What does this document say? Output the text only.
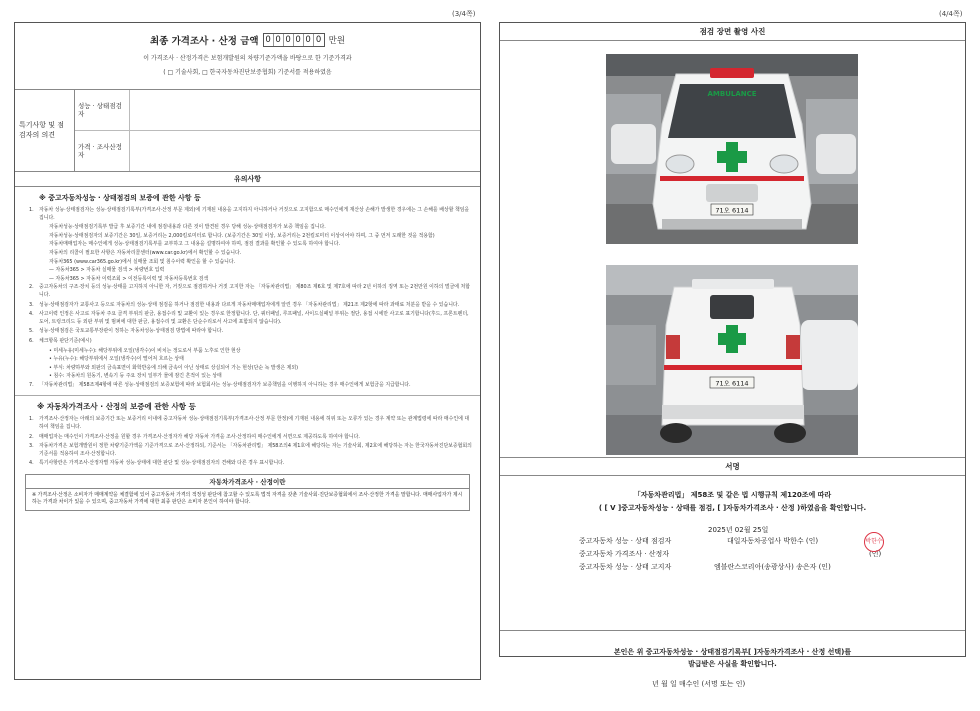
(3/4쪽)	(4/4쪽)
최종 가격조사 · 산정 금액 0 0 0 0 0 0 만원
이 가격조사 · 산정가격은 보험개발원의 차량기준가액을 바탕으로 한 기준가격과
( □ 기술사회, □ 한국자동차진단보증협회) 기준서를 적용하였음
특기사항 및 점검자의 의견
성능 · 상태점검자
가격 · 조사산정자
유의사항
※ 중고자동차성능 · 상태점검의 보증에 관한 사항 등
1.	자동차 성능·상태점검자는 성능·상태점검기록부(가격조사·산정 부문 제외)에 기재된 내용을 고지하지 아니하거나 거짓으로 고지함으로 매수인에게 재산상 손해가 발생한 경우에는 그 손해를 배상할 책임을 집니다.
자동차성능·상태점검기록부 발급 후 보증기간 내에 점검내용과 다른 것이 발견된 경우 당해 성능·상태점검자가 보증 책임을 집니다.
자동차성능·상태점검자의 보증기간은 30일, 보증거리는 2,000킬로미터로 합니다. (보증기간은 30일 이상, 보증거리는 2천킬로미터 이상이어야 하며, 그 중 먼저 도래한 것을 적용함)
자동차매매업자는 매수인에게 성능·상태점검기록부를 교부하고 그 내용을 설명하여야 하며, 점검 결과를 확인할 수 있도록 하여야 합니다.
자동차의 리콜이 필요한 사항은 자동차리콜센터(www.car.go.kr)에서 확인할 수 있습니다.
자동차365 (www.car365.go.kr)에서 실매물 조회 및 침수이력 확인을 할 수 있습니다.
— 자동차365 > 자동차 실매물 검색 > 차량번호 입력
— 자동차365 > 자동차 이력조회 > 이전등록이력 및 자동차등록번호 검색
2.	중고자동차의 구조·장치 등의 성능·상태를 고지하지 아니한 자, 거짓으로 점검하거나 거짓 고지한 자는 「자동차관리법」 제80조 제6호 및 제7호에 따라 2년 이하의 징역 또는 2천만원 이하의 벌금에 처합니다.
3.	성능·상태점검자가 교통사고 등으로 자동차의 성능·상태 점검을 하거나 점검한 내용과 다르게 자동차매매업자에게 알린 경우 「자동차관리법」 제21조 제2항에 따라 과태료 처분을 받을 수 있습니다.
4.	사고이력 인정은 사고로 자동차 주요 골격 부위의 판금, 용접수리 및 교환이 있는 경우로 한정합니다. 단, 쿼터패널, 루프패널, 사이드실패널 부위는 절단, 용접 시에만 사고로 표기합니다(후드, 프론트펜더, 도어, 트렁크리드 등 외판 부위 및 범퍼에 대한 판금, 용접수리 및 교환은 단순수리로서 사고에 포함되지 않습니다).
5.	성능·상태점검은 국토교통부장관이 정하는 자동차성능·상태점검 방법에 따라야 합니다.
6.	체크항목 판단기준(예시)
• 미세누유(미세누수): 해당부위에 오일(냉각수)이 비치는 정도로서 부품 노후로 인한 현상
• 누유(누수): 해당부위에서 오일(냉각수)이 떨어져 흐르는 상태
• 부식: 차량하부와 외판의 금속표면이 화학반응에 의해 금속이 아닌 상태로 상실되어 가는 현상(단순 녹 발생은 제외)
• 침수: 자동차의 원동기, 변속기 등 주요 장치 일부가 물에 잠긴 흔적이 있는 상태
7.	「자동차관리법」 제58조제4항에 따른 성능·상태점검의 보증보험에 따라 보험회사는 성능·상태점검자가 보증책임을 이행하지 아니하는 경우 매수인에게 보험금을 지급합니다.
※ 자동차가격조사 · 산정의 보증에 관한 사항 등
1.	가격조사·산정자는 아래의 보증기간 또는 보증거리 이내에 중고자동차 성능·상태점검기록부(가격조사·산정 부문 한정)에 기재된 내용에 허위 또는 오류가 있는 경우 계약 또는 관계법령에 따라 매수인에 대하여 책임을 집니다.
2.	매매업자는 매수인이 가격조사·산정을 원할 경우 가격조사·산정자가 해당 자동차 가격을 조사·산정하여 매수인에게 서면으로 제공하도록 하여야 합니다.
3.	자동차가격은 보험개발원이 정한 차량기준가액을 기준가격으로 조사·산정하되, 기준서는 「자동차관리법」 제58조의4 제1호에 해당하는 자는 기술사회, 제2호에 해당하는 자는 한국자동차진단보증협회의 기준서를 적용하여 조사·산정합니다.
4.	특기사항란은 가격조사·산정자별 자동차 성능·상태에 대한 판단 및 성능·상태점검자의 견해와 다른 경우 표시합니다.
자동차가격조사 · 산정이란
※ 가격조사·산정은 소비자가 매매계약을 체결함에 있어 중고자동차 가격의 적정성 판단에 참고할 수 있도록 법적 자격을 갖춘 기술사회·진단보증협회에서 조사·산정한 가격을 말합니다. 매매사업자가 제시하는 가격과 차이가 있을 수 있으며, 중고자동차 가격에 대한 최종 판단은 소비자 본인이 하여야 합니다.
점검 장면 촬영 사진
AMBULANCE
71오 6114
71오 6114
서명
「자동차관리법」 제58조 및 같은 법 시행규칙 제120조에 따라
( [ V ]중고자동차성능 · 상태를 점검, [ ]자동차가격조사 · 산정 )하였음을 확인합니다.
2025년 02월 25일
중고자동차 성능 · 상태 점검자	대일자동차공업사 박한수 (인)
중고자동차 가격조사 · 산정자	(인)
중고자동차 성능 · 상태 고지자	엠블란스코리아(송광상사) 송은자 (인)
박한수
본인은 위 중고자동차성능 · 상태점검기록부[ ]자동차가격조사 · 산정 선택)를
발급받은 사실을 확인합니다.
년 월 일 매수인 (서명 또는 인)
